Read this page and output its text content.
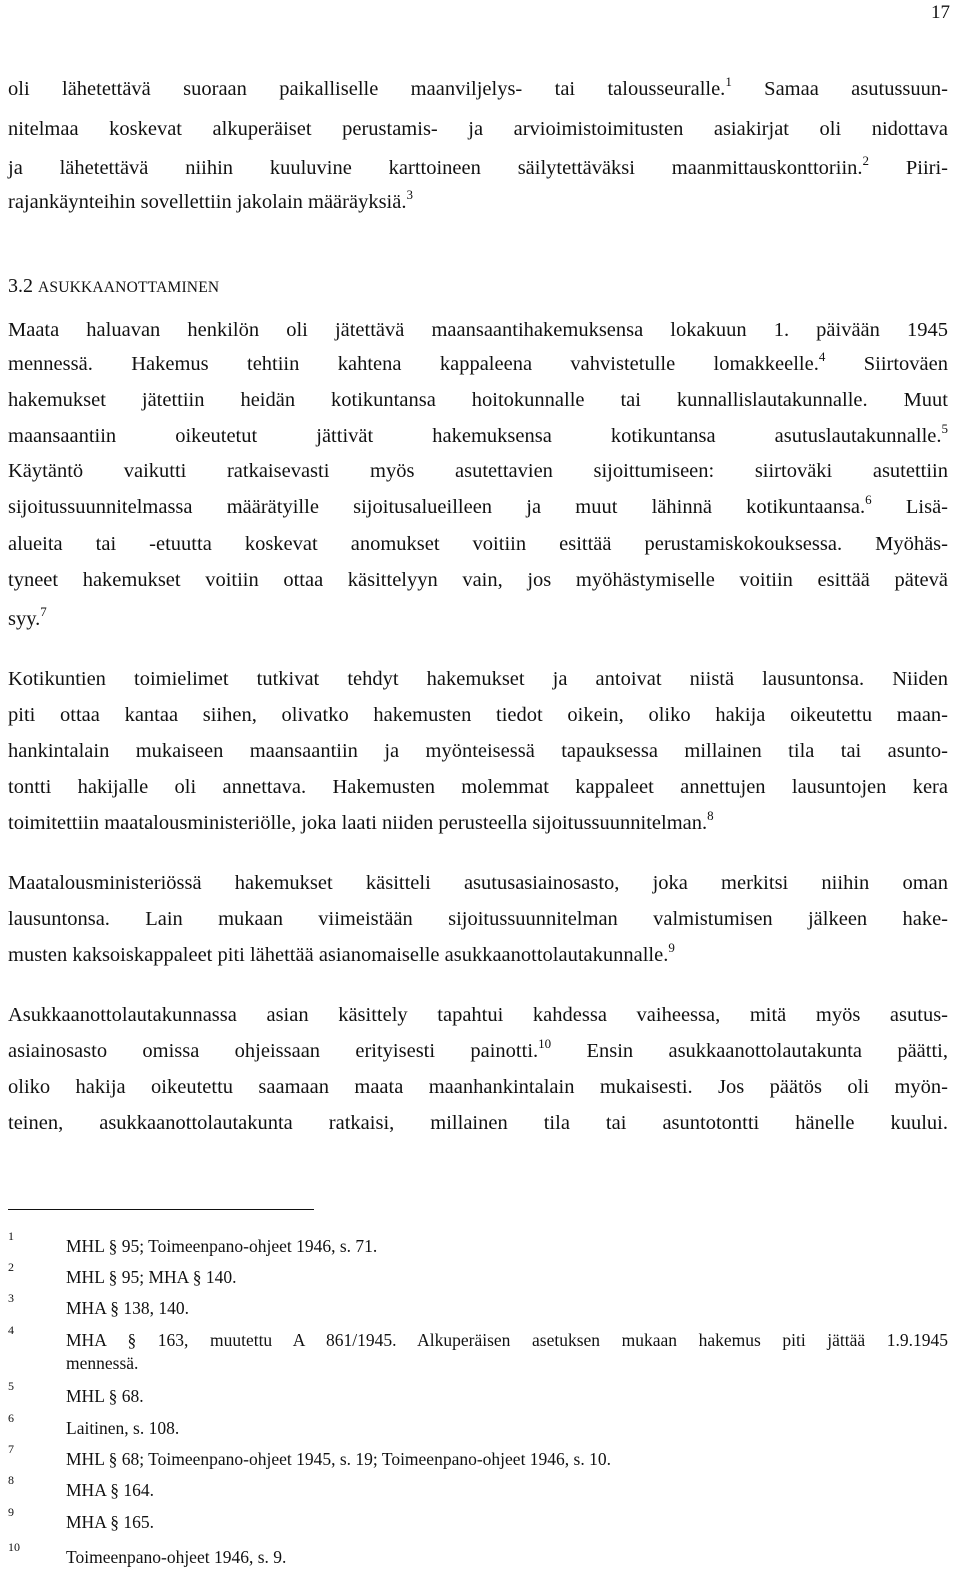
17
oli lähetettävä suoraan paikalliselle maanviljelys- tai talousseuralle.$^1$ Samaa asutussuun-
nitelmaa koskevat alkuperäiset perustamis- ja arvioimistoimitusten asiakirjat oli nidottava
ja lähetettävä niihin kuuluvine karttoineen säilytettäväksi maanmittauskonttoriin.$^2$ Piiri-
rajankäynteihin sovellettiin jakolain määräyksiä.$^3$
3.2 ASUKKAANOTTAMINEN
Maata haluavan henkilön oli jätettävä maansaantihakemuksensa lokakuun 1. päivään 1945
mennessä. Hakemus tehtiin kahtena kappaleena vahvistetulle lomakkeelle.$^4$ Siirtoväen
hakemukset jätettiin heidän kotikuntansa hoitokunnalle tai kunnallislautakunnalle. Muut
maansaantiin oikeutetut jättivät hakemuksensa kotikuntansa asutuslautakunnalle.$^5$
Käytäntö vaikutti ratkaisevasti myös asutettavien sijoittumiseen: siirtoväki asutettiin
sijoitussuunnitelmassa määrätyille sijoitusalueilleen ja muut lähinnä kotikuntaansa.$^6$ Lisä-
alueita tai -etuutta koskevat anomukset voitiin esittää perustamiskokouksessa. Myöhäs-
tyneet hakemukset voitiin ottaa käsittelyyn vain, jos myöhästymiselle voitiin esittää pätevä
syy.$^7$
Kotikuntien toimielimet tutkivat tehdyt hakemukset ja antoivat niistä lausuntonsa. Niiden
piti ottaa kantaa siihen, olivatko hakemusten tiedot oikein, oliko hakija oikeutettu maan-
hankintalain mukaiseen maansaantiin ja myönteisessä tapauksessa millainen tila tai asunto-
tontti hakijalle oli annettava. Hakemusten molemmat kappaleet annettujen lausuntojen kera
toimitettiin maatalousministeriölle, joka laati niiden perusteella sijoitussuunnitelman.$^8$
Maatalousministeriössä hakemukset käsitteli asutusasiainosasto, joka merkitsi niihin oman
lausuntonsa. Lain mukaan viimeistään sijoitussuunnitelman valmistumisen jälkeen hake-
musten kaksoiskappaleet piti lähettää asianomaiselle asukkaanottolautakunnalle.$^9$
Asukkaanottolautakunnassa asian käsittely tapahtui kahdessa vaiheessa, mitä myös asutus-
asiainosasto omissa ohjeissaan erityisesti painotti.$^{10}$ Ensin asukkaanottolautakunta päätti,
oliko hakija oikeutettu saamaan maata maanhankintalain mukaisesti. Jos päätös oli myön-
teinen, asukkaanottolautakunta ratkaisi, millainen tila tai asuntotontti hänelle kuului.
1	MHL § 95; Toimeenpano-ohjeet 1946, s. 71.
2	MHL § 95; MHA § 140.
3	MHA § 138, 140.
4	MHA § 163, muutettu A 861/1945. Alkuperäisen asetuksen mukaan hakemus piti jättää 1.9.1945
mennessä.
5	MHL § 68.
6	Laitinen, s. 108.
7	MHL § 68; Toimeenpano-ohjeet 1945, s. 19; Toimeenpano-ohjeet 1946, s. 10.
8	MHA § 164.
9	MHA § 165.
10	Toimeenpano-ohjeet 1946, s. 9.
